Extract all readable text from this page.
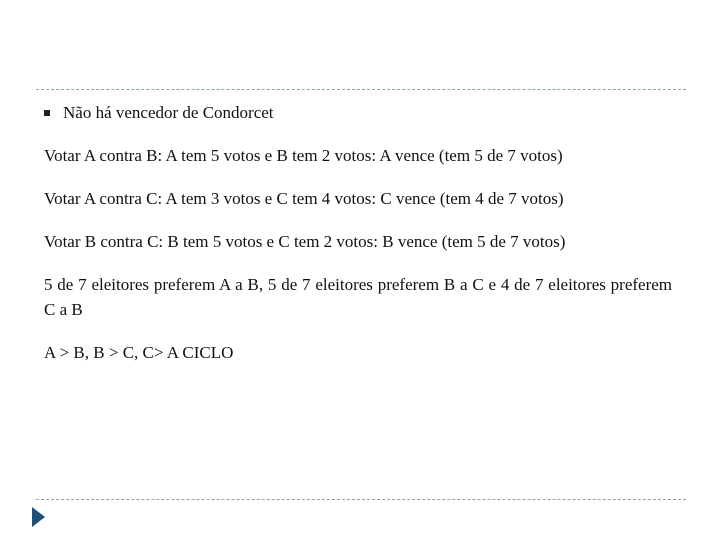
Não há vencedor de Condorcet

Votar A contra B: A tem 5 votos e B tem 2 votos: A vence (tem 5 de 7 votos)

Votar A contra C: A tem 3 votos e C tem 4 votos: C vence (tem 4 de 7 votos)

Votar B contra C: B tem 5 votos e C tem 2 votos: B vence (tem 5 de 7 votos)

5 de 7 eleitores preferem A a B, 5 de 7 eleitores preferem B a C e 4 de 7 eleitores preferem C a B

A > B, B > C, C> A CICLO
